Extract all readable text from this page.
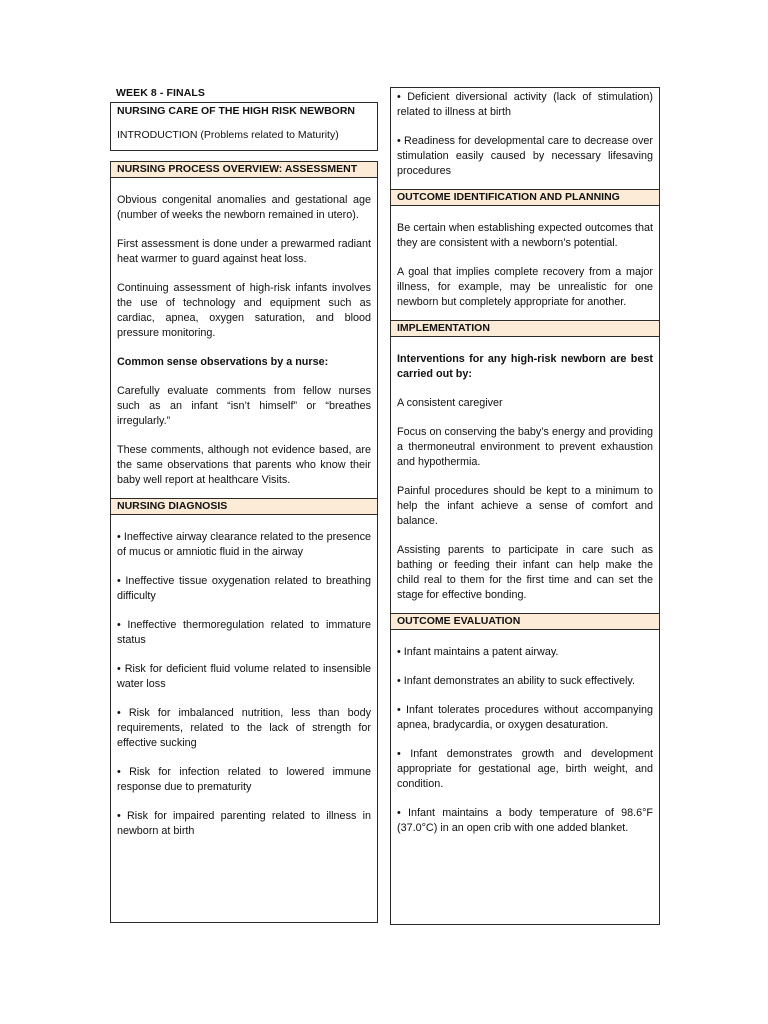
WEEK 8 - FINALS
NURSING CARE OF THE HIGH RISK NEWBORN
INTRODUCTION (Problems related to Maturity)
NURSING PROCESS OVERVIEW: ASSESSMENT

Obvious congenital anomalies and gestational age (number of weeks the newborn remained in utero).

First assessment is done under a prewarmed radiant heat warmer to guard against heat loss.

Continuing assessment of high-risk infants involves the use of technology and equipment such as cardiac, apnea, oxygen saturation, and blood pressure monitoring.

Common sense observations by a nurse:

Carefully evaluate comments from fellow nurses such as an infant “isn’t himself” or “breathes irregularly.”

These comments, although not evidence based, are the same observations that parents who know their baby well report at healthcare Visits.

NURSING DIAGNOSIS

• Ineffective airway clearance related to the presence of mucus or amniotic fluid in the airway

• Ineffective tissue oxygenation related to breathing difficulty

• Ineffective thermoregulation related to immature status

• Risk for deficient fluid volume related to insensible water loss

• Risk for imbalanced nutrition, less than body requirements, related to the lack of strength for effective sucking

• Risk for infection related to lowered immune response due to prematurity

• Risk for impaired parenting related to illness in newborn at birth

• Deficient diversional activity (lack of stimulation) related to illness at birth

• Readiness for developmental care to decrease over stimulation easily caused by necessary lifesaving procedures

OUTCOME IDENTIFICATION AND PLANNING

Be certain when establishing expected outcomes that they are consistent with a newborn’s potential.

A goal that implies complete recovery from a major illness, for example, may be unrealistic for one newborn but completely appropriate for another.

IMPLEMENTATION

Interventions for any high-risk newborn are best carried out by:

A consistent caregiver

Focus on conserving the baby’s energy and providing a thermoneutral environment to prevent exhaustion and hypothermia.

Painful procedures should be kept to a minimum to help the infant achieve a sense of comfort and balance.

Assisting parents to participate in care such as bathing or feeding their infant can help make the child real to them for the first time and can set the stage for effective bonding.

OUTCOME EVALUATION

• Infant maintains a patent airway.

• Infant demonstrates an ability to suck effectively.

• Infant tolerates procedures without accompanying apnea, bradycardia, or oxygen desaturation.

• Infant demonstrates growth and development appropriate for gestational age, birth weight, and condition.

• Infant maintains a body temperature of 98.6°F (37.0°C) in an open crib with one added blanket.
